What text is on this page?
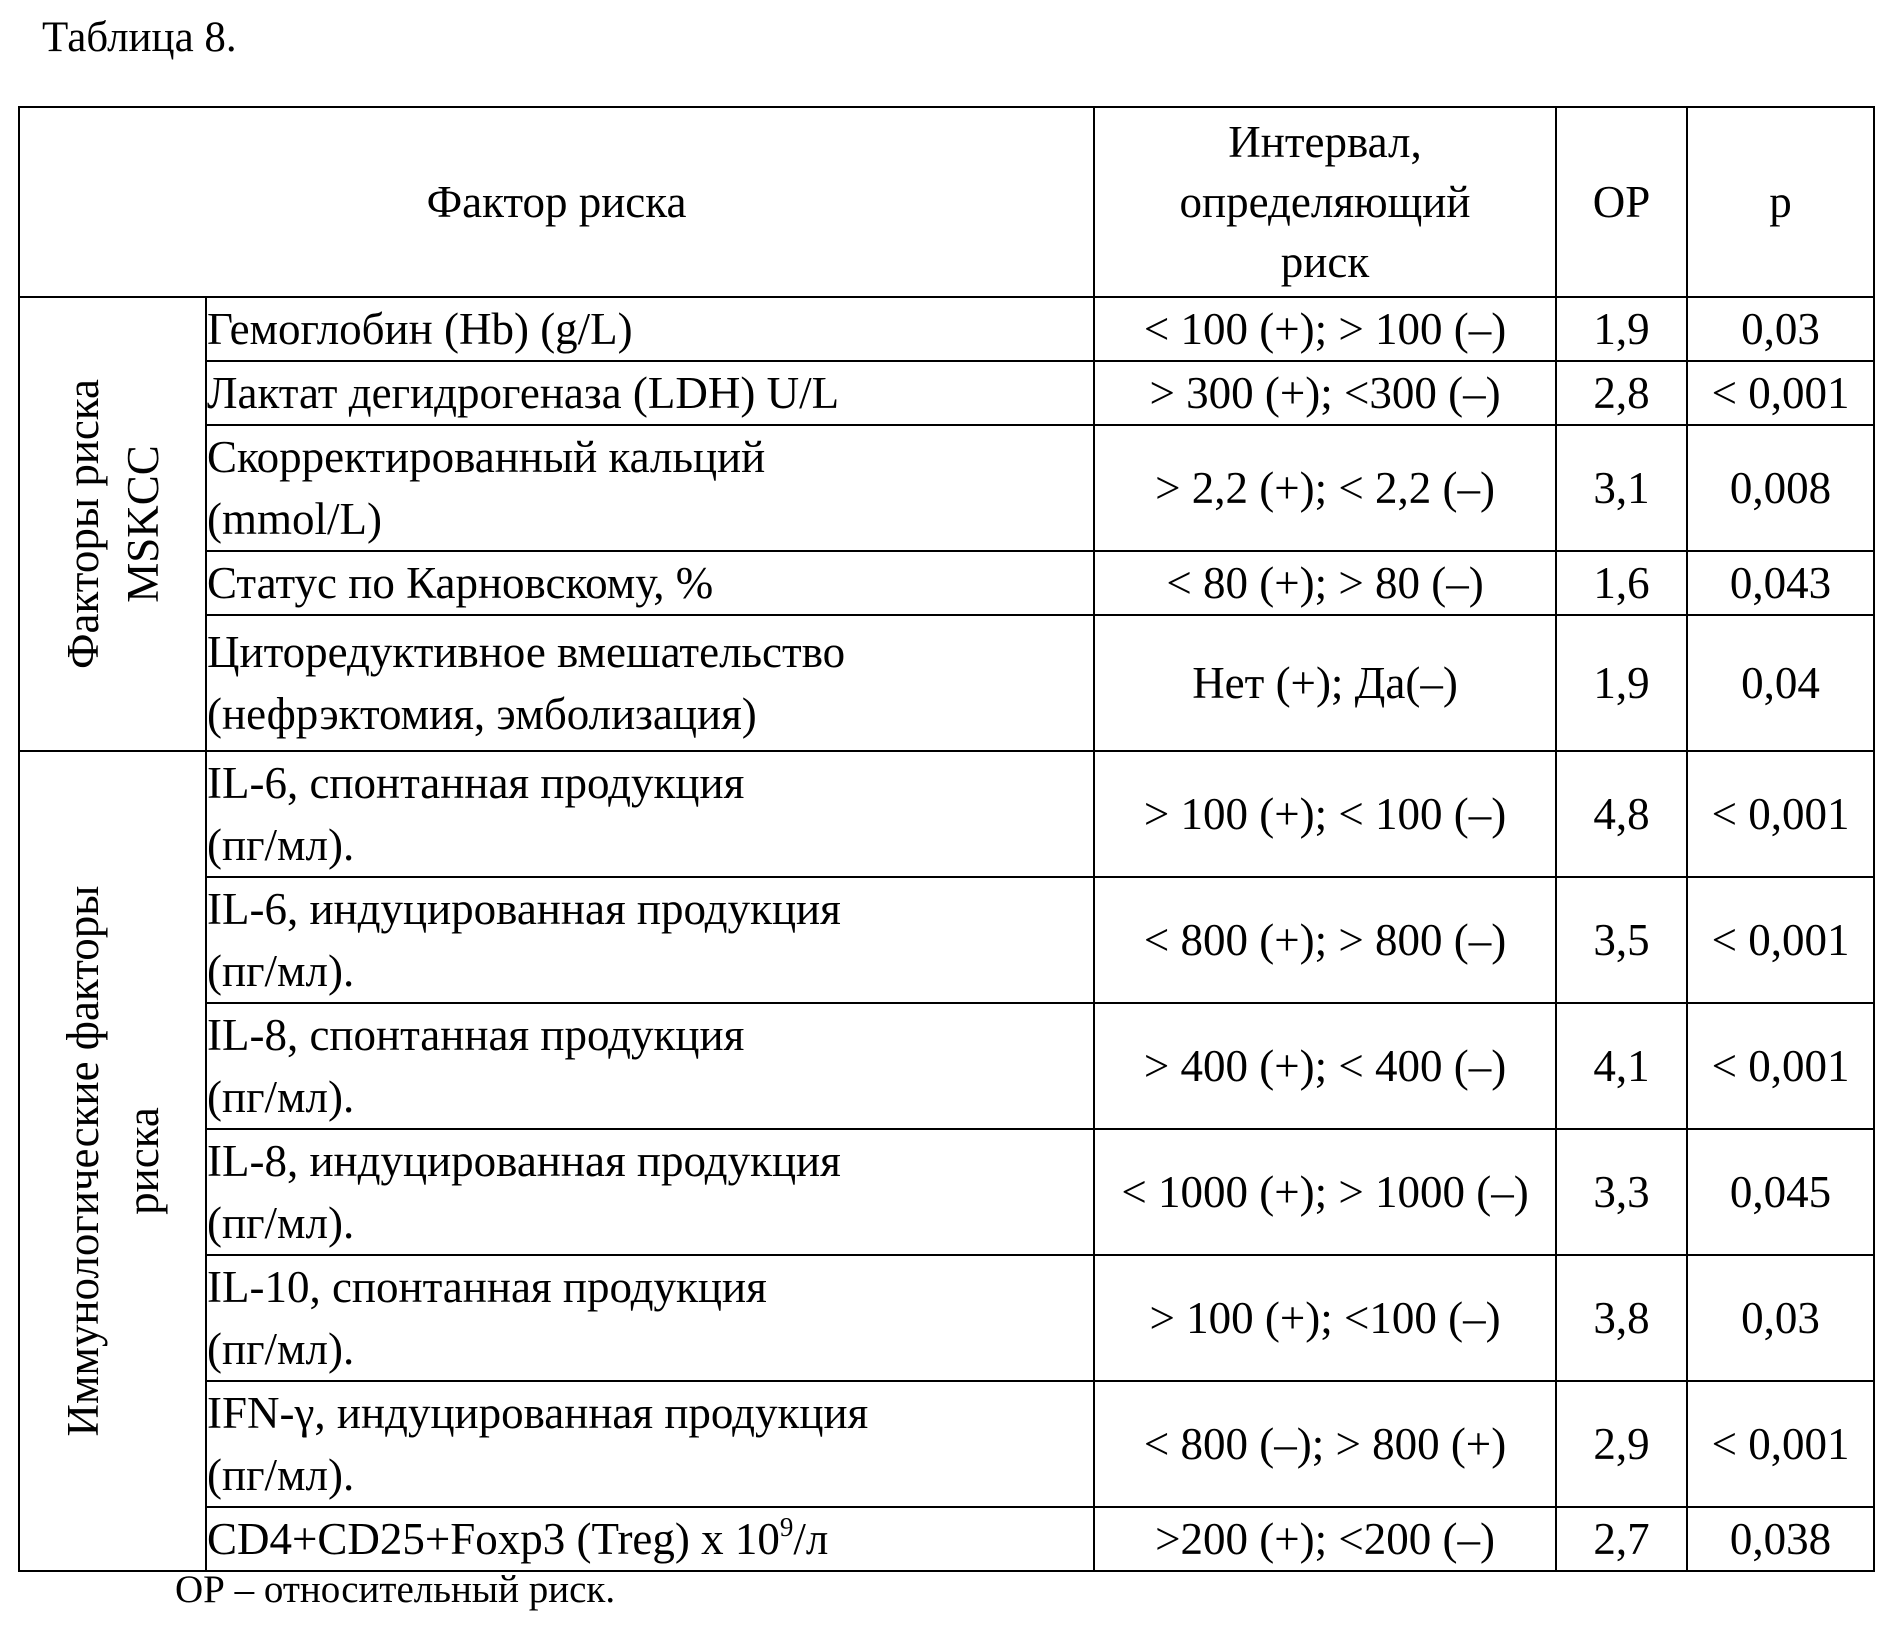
Таблица 8.
Фактор риска	Интервал,
определяющий
риск	ОР	p

Факторы риска MSKCC
	Гемоглобин (Hb) (g/L)	< 100 (+); > 100 (–)	1,9	0,03
Лактат дегидрогеназа (LDH) U/L	> 300 (+); <300 (–)	2,8	< 0,001
Скорректированный кальций
(mmol/L)	> 2,2 (+); < 2,2 (–)	3,1	0,008
Статус по Карновскому, %	< 80 (+); > 80 (–)	1,6	0,043
Циторедуктивное вмешательство
(нефрэктомия, эмболизация)	Нет (+); Да(–)	1,9	0,04

Иммунологические факторы риска
	IL-6, спонтанная продукция
(пг/мл).	> 100 (+); < 100 (–)	4,8	< 0,001
IL-6, индуцированная продукция
(пг/мл).	< 800 (+); > 800 (–)	3,5	< 0,001
IL-8, спонтанная продукция
(пг/мл).	> 400 (+); < 400 (–)	4,1	< 0,001
IL-8, индуцированная продукция
(пг/мл).	< 1000 (+); > 1000 (–)	3,3	0,045
IL-10, спонтанная продукция
(пг/мл).	> 100 (+); <100 (–)	3,8	0,03
IFN-γ, индуцированная продукция
(пг/мл).	< 800 (–); > 800 (+)	2,9	< 0,001
CD4+CD25+Foxp3 (Treg) x 109/л	>200 (+); <200 (–)	2,7	0,038
ОР – относительный риск.
